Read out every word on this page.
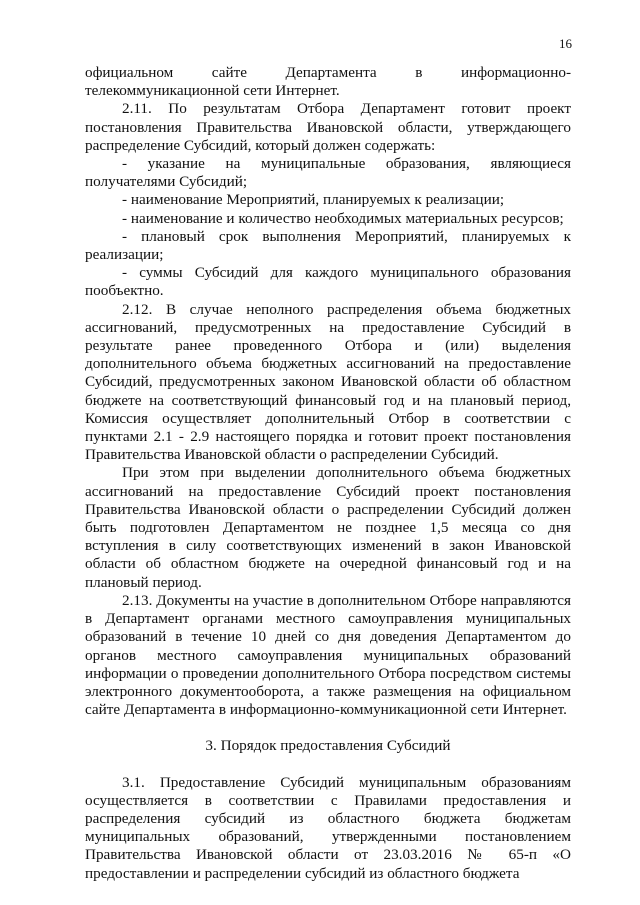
16

официальном сайте Департамента в информационно-телекоммуникационной сети Интернет.

2.11. По результатам Отбора Департамент готовит проект постановления Правительства Ивановской области, утверждающего распределение Субсидий, который должен содержать:

- указание на муниципальные образования, являющиеся получателями Субсидий;

- наименование Мероприятий, планируемых к реализации;

- наименование и количество необходимых материальных ресурсов;

- плановый срок выполнения Мероприятий, планируемых к реализации;

- суммы Субсидий для каждого муниципального образования пообъектно.

2.12. В случае неполного распределения объема бюджетных ассигнований, предусмотренных на предоставление Субсидий в результате ранее проведенного Отбора и (или) выделения дополнительного объема бюджетных ассигнований на предоставление Субсидий, предусмотренных законом Ивановской области об областном бюджете на соответствующий финансовый год и на плановый период, Комиссия осуществляет дополнительный Отбор в соответствии с пунктами 2.1 - 2.9 настоящего порядка и готовит проект постановления Правительства Ивановской области о распределении Субсидий.

При этом при выделении дополнительного объема бюджетных ассигнований на предоставление Субсидий проект постановления Правительства Ивановской области о распределении Субсидий должен быть подготовлен Департаментом не позднее 1,5 месяца со дня вступления в силу соответствующих изменений в закон Ивановской области об областном бюджете на очередной финансовый год и на плановый период.

2.13. Документы на участие в дополнительном Отборе направляются в Департамент органами местного самоуправления муниципальных образований в течение 10 дней со дня доведения Департаментом до органов местного самоуправления муниципальных образований информации о проведении дополнительного Отбора посредством системы электронного документооборота, а также размещения на официальном сайте Департамента в информационно-коммуникационной сети Интернет.

3. Порядок предоставления Субсидий

3.1. Предоставление Субсидий муниципальным образованиям осуществляется в соответствии с Правилами предоставления и распределения субсидий из областного бюджета бюджетам муниципальных образований, утвержденными постановлением Правительства Ивановской области от 23.03.2016 № 65-п «О предоставлении и распределении субсидий из областного бюджета
